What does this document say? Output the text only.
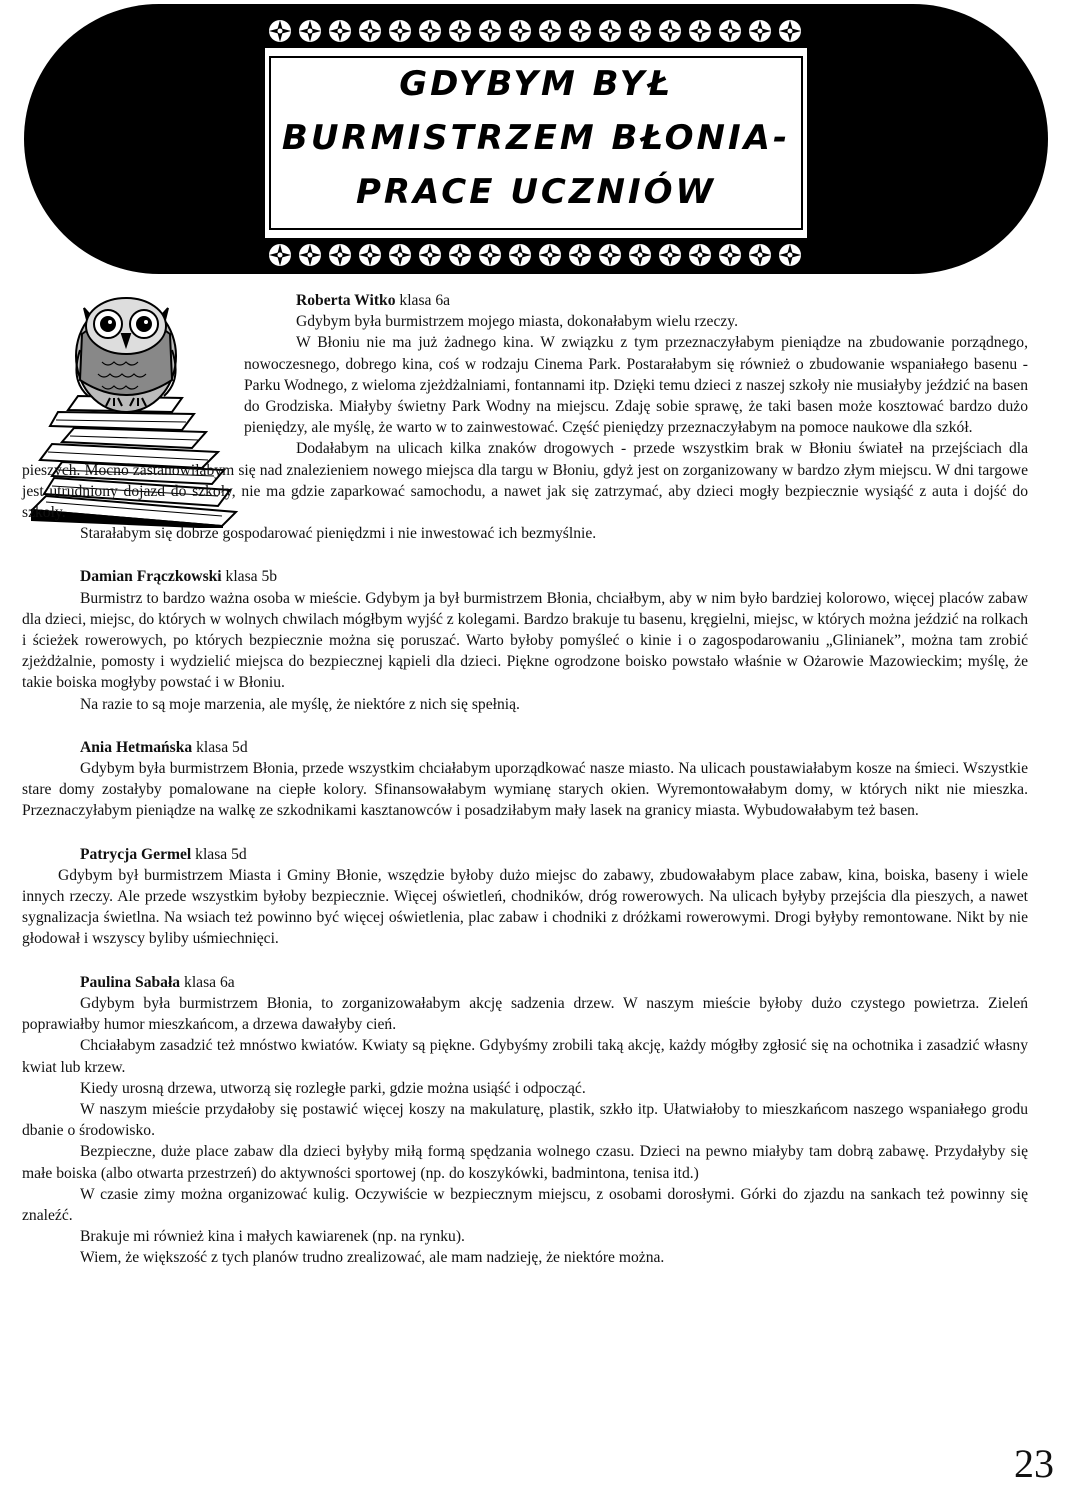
GDYBYM BYŁ
BURMISTRZEM BŁONIA-
PRACE UCZNIÓW

Roberta Witko klasa 6a

Gdybym była burmistrzem mojego miasta, dokonałabym wielu rzeczy.

W Błoniu nie ma już żadnego kina. W związku z tym przeznaczyłabym pieniądze na zbudowanie porządnego, nowoczesnego, dobrego kina, coś w rodzaju Cinema Park. Postarałabym się również o zbudowanie wspaniałego basenu - Parku Wodnego, z wieloma zjeżdżalniami, fontannami itp. Dzięki temu dzieci z naszej szkoły nie musiałyby jeździć na basen do Grodziska. Miałyby świetny Park Wodny na miejscu. Zdaję sobie sprawę, że taki basen może kosztować bardzo dużo pieniędzy, ale myślę, że warto w to zainwestować. Część pieniędzy przeznaczyłabym na pomoce naukowe dla szkół.

Dodałabym na ulicach kilka znaków drogowych - przede wszystkim brak w Błoniu świateł na przejściach dla pieszych. Mocno zastanowiłabym się nad znalezieniem nowego miejsca dla targu w Błoniu, gdyż jest on zorganizowany w bardzo złym miejscu. W dni targowe jest utrudniony dojazd do szkoły, nie ma gdzie zaparkować samochodu, a nawet jak się zatrzymać, aby dzieci mogły bezpiecznie wysiąść z auta i dojść do szkoły.

Starałabym się dobrze gospodarować pieniędzmi i nie inwestować ich bezmyślnie.

Damian Frączkowski klasa 5b

Burmistrz to bardzo ważna osoba w mieście. Gdybym ja był burmistrzem Błonia, chciałbym, aby w nim było bardziej kolorowo, więcej placów zabaw dla dzieci, miejsc, do których w wolnych chwilach mógłbym wyjść z kolegami. Bardzo brakuje tu basenu, kręgielni, miejsc, w których można jeździć na rolkach i ścieżek rowerowych, po których bezpiecznie można się poruszać. Warto byłoby pomyśleć o kinie i o zagospodarowaniu „Glinianek”, można tam zrobić zjeżdżalnie, pomosty i wydzielić miejsca do bezpiecznej kąpieli dla dzieci. Piękne ogrodzone boisko powstało właśnie w Ożarowie Mazowieckim; myślę, że takie boiska mogłyby powstać i w Błoniu.

Na razie to są moje marzenia, ale myślę, że niektóre z nich się spełnią.

Ania Hetmańska klasa 5d

Gdybym była burmistrzem Błonia, przede wszystkim chciałabym uporządkować nasze miasto. Na ulicach poustawiałabym kosze na śmieci. Wszystkie stare domy zostałyby pomalowane na ciepłe kolory. Sfinansowałabym wymianę starych okien. Wyremontowałabym domy, w których nikt nie mieszka. Przeznaczyłabym pieniądze na walkę ze szkodnikami kasztanowców i posadziłabym mały lasek na granicy miasta. Wybudowałabym też basen.

Patrycja Germel klasa 5d

Gdybym był burmistrzem Miasta i Gminy Błonie, wszędzie byłoby dużo miejsc do zabawy, zbudowałabym place zabaw, kina, boiska, baseny i wiele innych rzeczy. Ale przede wszystkim byłoby bezpiecznie. Więcej oświetleń, chodników, dróg rowerowych. Na ulicach byłyby przejścia dla pieszych, a nawet sygnalizacja świetlna. Na wsiach też powinno być więcej oświetlenia, plac zabaw i chodniki z dróżkami rowerowymi. Drogi byłyby remontowane. Nikt by nie głodował i wszyscy byliby uśmiechnięci.

Paulina Sabała klasa 6a

Gdybym była burmistrzem Błonia, to zorganizowałabym akcję sadzenia drzew. W naszym mieście byłoby dużo czystego powietrza. Zieleń poprawiałby humor mieszkańcom, a drzewa dawałyby cień.

Chciałabym zasadzić też mnóstwo kwiatów. Kwiaty są piękne. Gdybyśmy zrobili taką akcję, każdy mógłby zgłosić się na ochotnika i zasadzić własny kwiat lub krzew.

Kiedy urosną drzewa, utworzą się rozległe parki, gdzie można usiąść i odpocząć.

W naszym mieście przydałoby się postawić więcej koszy na makulaturę, plastik, szkło itp. Ułatwiałoby to mieszkańcom naszego wspaniałego grodu dbanie o środowisko.

Bezpieczne, duże place zabaw dla dzieci byłyby miłą formą spędzania wolnego czasu. Dzieci na pewno miałyby tam dobrą zabawę. Przydałyby się małe boiska (albo otwarta przestrzeń) do aktywności sportowej (np. do koszykówki, badmintona, tenisa itd.)

W czasie zimy można organizować kulig. Oczywiście w bezpiecznym miejscu, z osobami dorosłymi. Górki do zjazdu na sankach też powinny się znaleźć.

Brakuje mi również kina i małych kawiarenek (np. na rynku).

Wiem, że większość z tych planów trudno zrealizować, ale mam nadzieję, że niektóre można.

23
